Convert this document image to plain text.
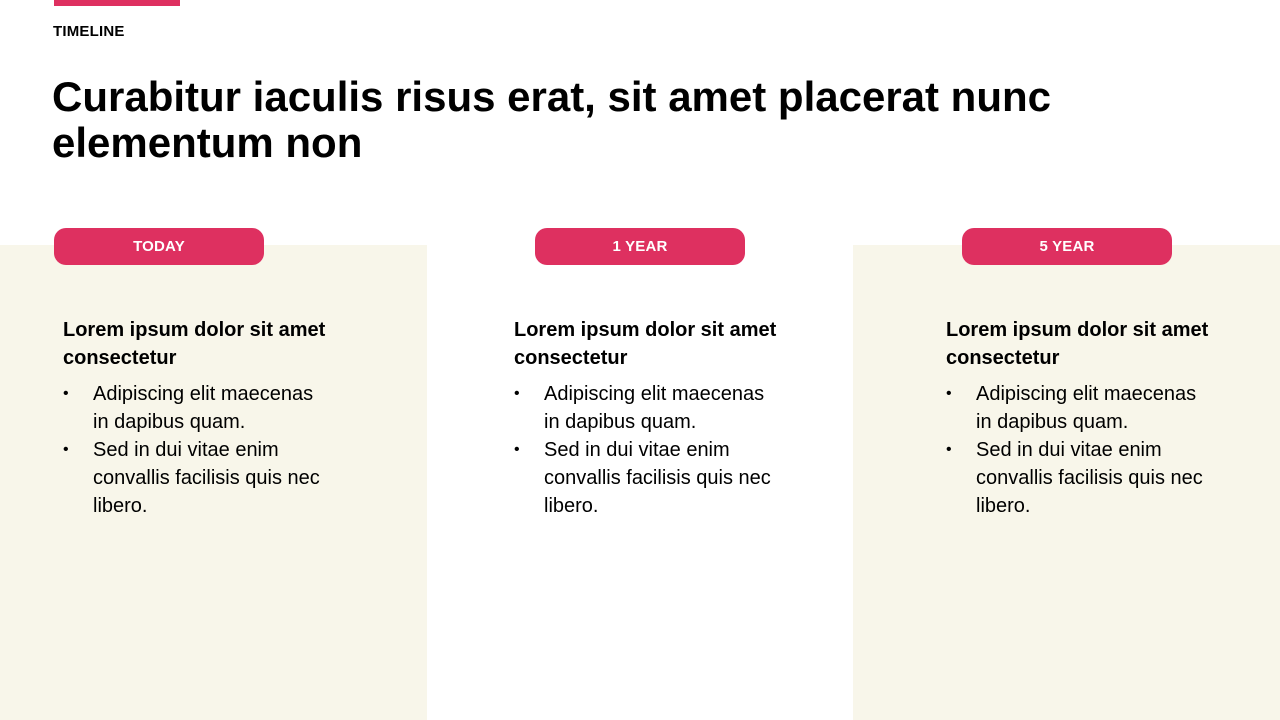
TIMELINE
Curabitur iaculis risus erat, sit amet placerat nunc elementum non
TODAY	1 YEAR	5 YEAR
Lorem ipsum dolor sit amet consectetur
• Adipiscing elit maecenas in dapibus quam.
• Sed in dui vitae enim convallis facilisis quis nec libero.
Lorem ipsum dolor sit amet consectetur
• Adipiscing elit maecenas in dapibus quam.
• Sed in dui vitae enim convallis facilisis quis nec libero.
Lorem ipsum dolor sit amet consectetur
• Adipiscing elit maecenas in dapibus quam.
• Sed in dui vitae enim convallis facilisis quis nec libero.
